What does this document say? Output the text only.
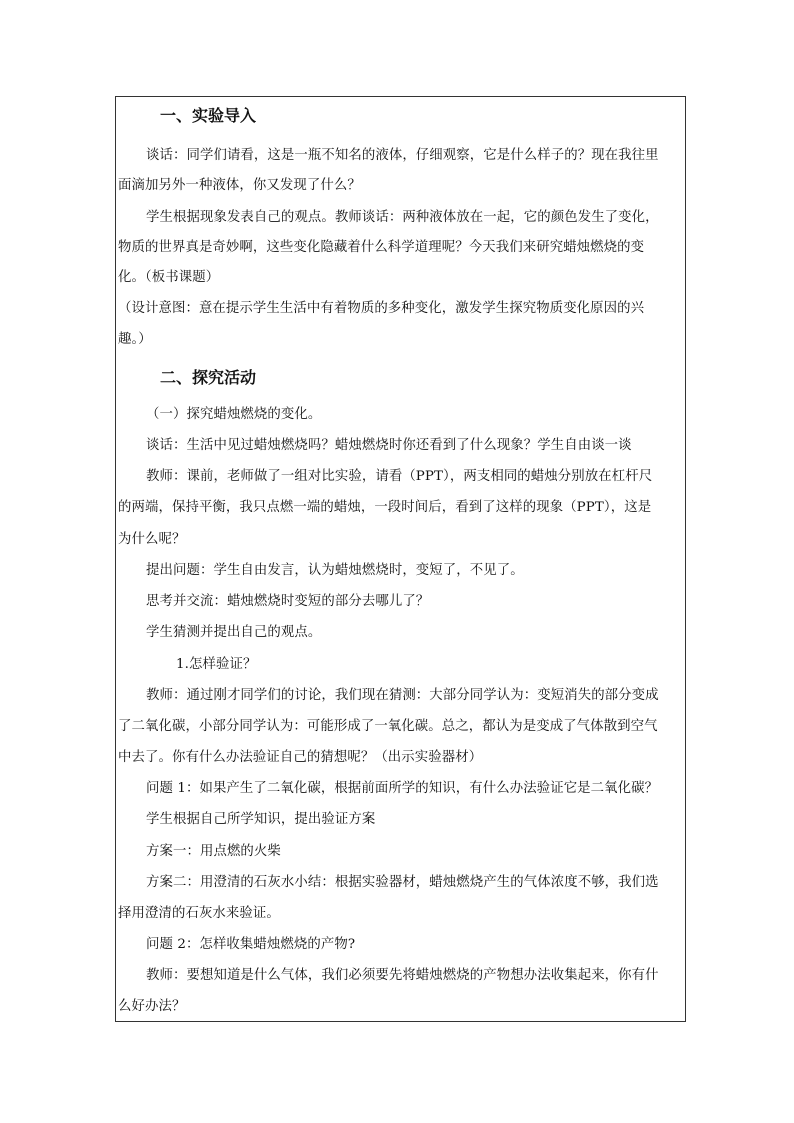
一、实验导入
谈话：同学们请看，这是一瓶不知名的液体，仔细观察，它是什么样子的？现在我往里
面滴加另外一种液体，你又发现了什么？
学生根据现象发表自己的观点。教师谈话：两种液体放在一起，它的颜色发生了变化，
物质的世界真是奇妙啊，这些变化隐藏着什么科学道理呢？今天我们来研究蜡烛燃烧的变
化。（板书课题）
（设计意图：意在提示学生生活中有着物质的多种变化，激发学生探究物质变化原因的兴
趣。）
二、探究活动
（一）探究蜡烛燃烧的变化。
谈话：生活中见过蜡烛燃烧吗？蜡烛燃烧时你还看到了什么现象？学生自由谈一谈
教师：课前，老师做了一组对比实验，请看（PPT），两支相同的蜡烛分别放在杠杆尺
的两端，保持平衡，我只点燃一端的蜡烛，一段时间后，看到了这样的现象（PPT），这是
为什么呢？
提出问题：学生自由发言，认为蜡烛燃烧时，变短了，不见了。
思考并交流：蜡烛燃烧时变短的部分去哪儿了？
学生猜测并提出自己的观点。
1.怎样验证？
教师：通过刚才同学们的讨论，我们现在猜测：大部分同学认为：变短消失的部分变成
了二氧化碳，小部分同学认为：可能形成了一氧化碳。总之，都认为是变成了气体散到空气
中去了。你有什么办法验证自己的猜想呢？（出示实验器材）
问题 1：如果产生了二氧化碳，根据前面所学的知识，有什么办法验证它是二氧化碳？
学生根据自己所学知识，提出验证方案
方案一：用点燃的火柴
方案二：用澄清的石灰水小结：根据实验器材，蜡烛燃烧产生的气体浓度不够，我们选
择用澄清的石灰水来验证。
问题 2：怎样收集蜡烛燃烧的产物?
教师：要想知道是什么气体，我们必须要先将蜡烛燃烧的产物想办法收集起来，你有什
么好办法？
